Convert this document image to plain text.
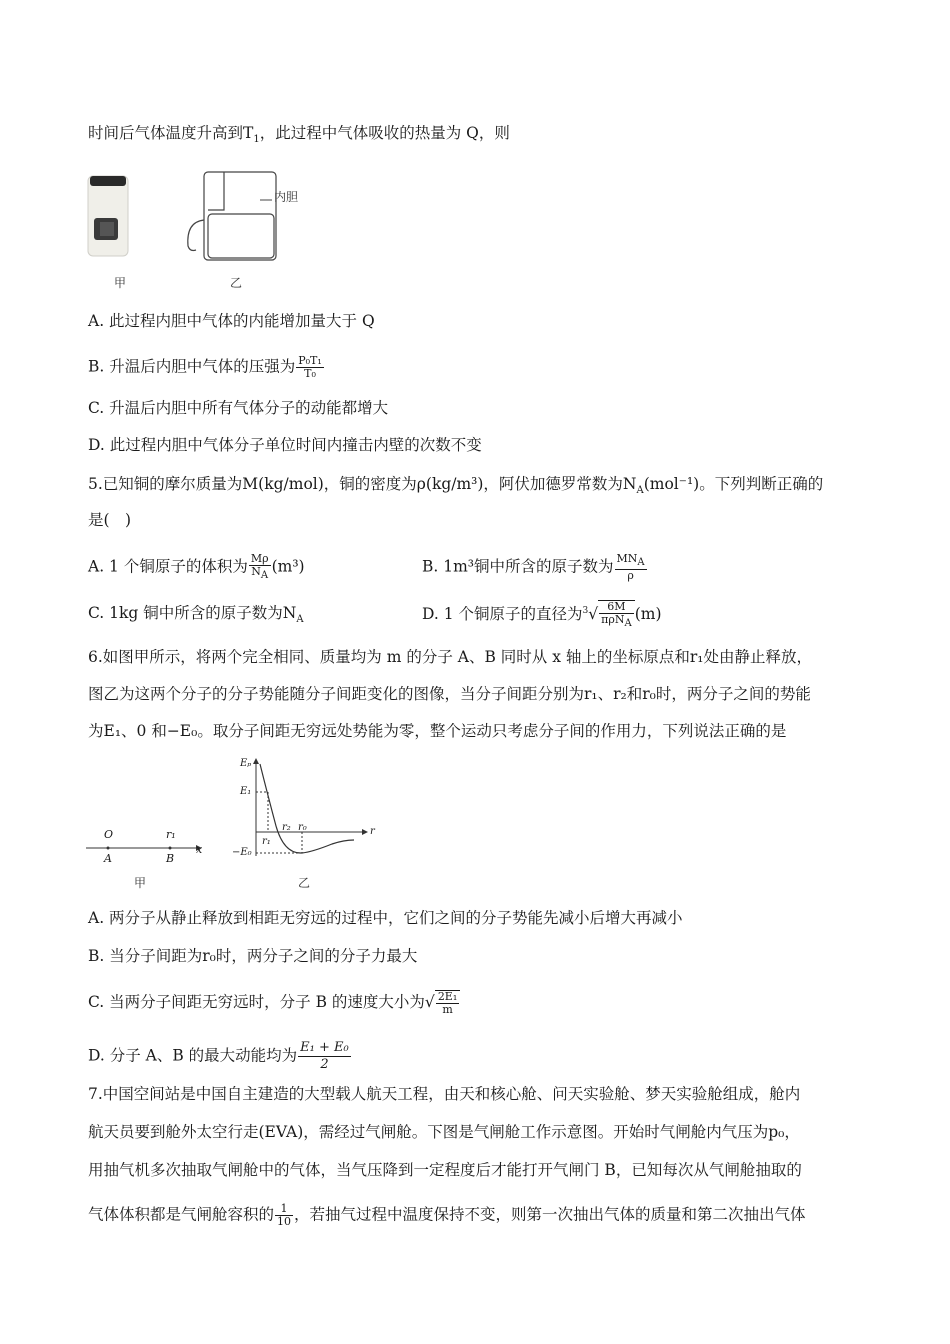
时间后气体温度升高到$T_1$，此过程中气体吸收的热量为 Q，则
内胆
甲	乙
A. 此过程内胆中气体的内能增加量大于 Q
B. 升温后内胆中气体的压强为 $\frac{\text{P₀T₁}}{\text{T₀}}$
C. 升温后内胆中所有气体分子的动能都增大
D. 此过程内胆中气体分子单位时间内撞击内壁的次数不变
5.已知铜的摩尔质量为M(kg/mol)，铜的密度为ρ(kg/m³)，阿伏加德罗常数为$N_A(mol^{-1})$。下列判断正确的
是(　)
A. 1 个铜原子的体积为 $\frac{M\rho}{N_A} (m^3)$	B. 1m³铜中所含的原子数为 $\frac{MN_A}{\rho}$
C. 1kg 铜中所含的原子数为$N_A$	D. 1 个铜原子的直径为$^3√ \frac{6M}{\pi\rho N_A} (m)$
6.如图甲所示，将两个完全相同、质量均为 m 的分子 A、B 同时从 x 轴上的坐标原点和r₁处由静止释放，
图乙为这两个分子的分子势能随分子间距变化的图像，当分子间距分别为r₁、r₂和r₀时，两分子之间的势能
为E₁、0 和−E₀。取分子间距无穷远处势能为零，整个运动只考虑分子间的作用力，下列说法正确的是
O	r₁
x
A	B
甲
Eₚ
E₁
r₂ r₀	r
r₁
−E₀
乙
A. 两分子从静止释放到相距无穷远的过程中，它们之间的分子势能先减小后增大再减小
B. 当分子间距为r₀时，两分子之间的分子力最大
C. 当两分子间距无穷远时，分子 B 的速度大小为√ $\frac{\text{2E₁}}{m}$
D. 分子 A、B 的最大动能均为 $\frac{\text{E₁ + E₀}}{2}$
7.中国空间站是中国自主建造的大型载人航天工程，由天和核心舱、问天实验舱、梦天实验舱组成，舱内
航天员要到舱外太空行走(EVA)，需经过气闸舱。下图是气闸舱工作示意图。开始时气闸舱内气压为p₀，
用抽气机多次抽取气闸舱中的气体，当气压降到一定程度后才能打开气闸门 B，已知每次从气闸舱抽取的
气体体积都是气闸舱容积的 $\frac{1}{10}$ ，若抽气过程中温度保持不变，则第一次抽出气体的质量和第二次抽出气体
